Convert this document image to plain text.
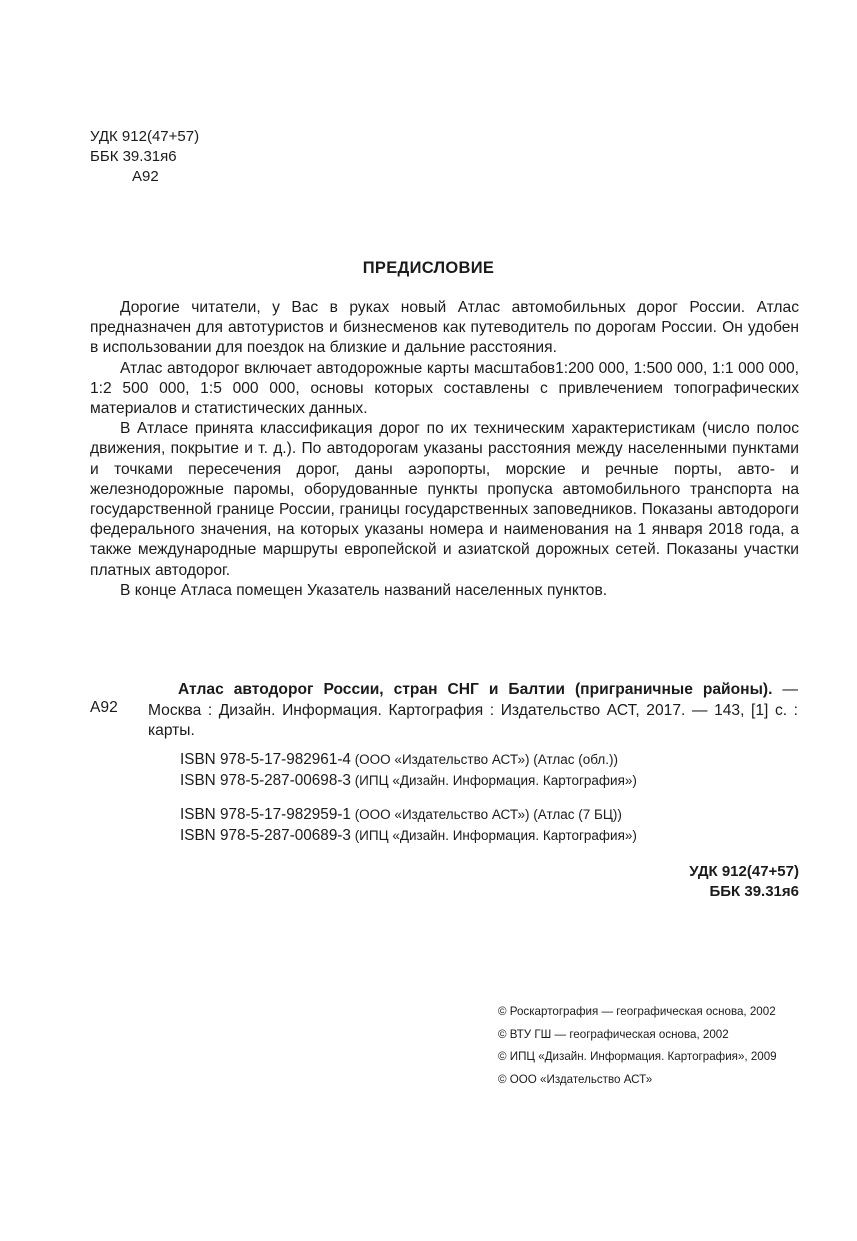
УДК 912(47+57)
ББК 39.31я6
А92
ПРЕДИСЛОВИЕ

Дорогие читатели, у Вас в руках новый Атлас автомобильных дорог России. Атлас предназначен для автотуристов и бизнесменов как путеводитель по дорогам России. Он удобен в использовании для поездок на близкие и дальние расстояния.

Атлас автодорог включает автодорожные карты масштабов1:200 000, 1:500 000, 1:1 000 000, 1:2 500 000, 1:5 000 000, основы которых составлены с привлечением топографических материалов и статистических данных.

В Атласе принята классификация дорог по их техническим характеристикам (число полос движения, покрытие и т. д.). По автодорогам указаны расстояния между населенными пунктами и точками пересечения дорог, даны аэропорты, морские и речные порты, авто- и железнодорожные паромы, оборудованные пункты пропуска автомобильного транспорта на государственной границе России, границы государственных заповедников. Показаны автодороги федерального значения, на которых указаны номера и наименования на 1 января 2018 года, а также международные маршруты европейской и азиатской дорожных сетей. Показаны участки платных автодорог.

В конце Атласа помещен Указатель названий населенных пунктов.

А92
Атлас автодорог России, стран СНГ и Балтии (приграничные районы). — Москва : Дизайн. Информация. Картография : Издательство АСТ, 2017. — 143, [1] с. : карты.
ISBN 978-5-17-982961-4 (ООО «Издательство АСТ») (Атлас (обл.))
ISBN 978-5-287-00698-3 (ИПЦ «Дизайн. Информация. Картография»)
ISBN 978-5-17-982959-1 (ООО «Издательство АСТ») (Атлас (7 БЦ))
ISBN 978-5-287-00689-3 (ИПЦ «Дизайн. Информация. Картография»)
УДК 912(47+57)
ББК 39.31я6
© Роскартография — географическая основа, 2002
© ВТУ ГШ — географическая основа, 2002
© ИПЦ «Дизайн. Информация. Картография», 2009
© ООО «Издательство АСТ»
